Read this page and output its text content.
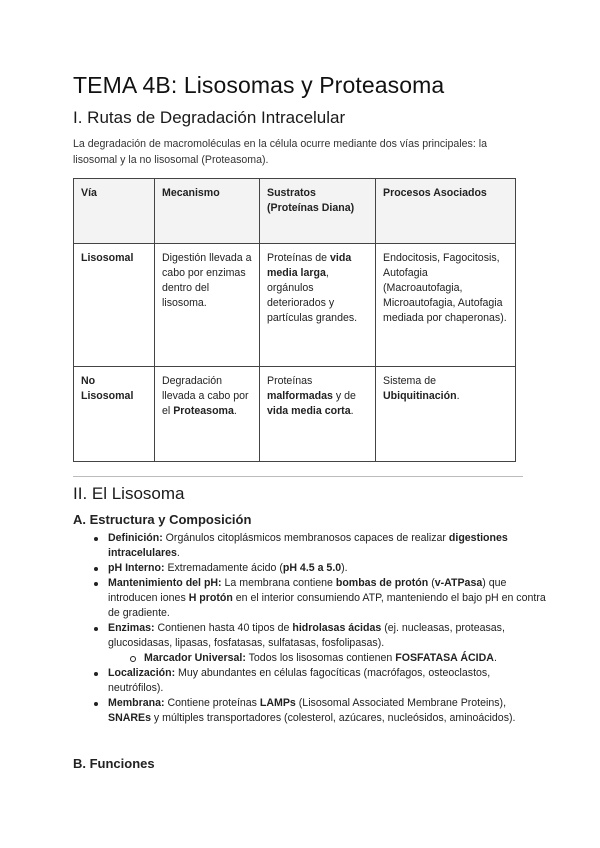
TEMA 4B: Lisosomas y Proteasoma
I. Rutas de Degradación Intracelular

La degradación de macromoléculas en la célula ocurre mediante dos vías principales: la lisosomal y la no lisosomal (Proteasoma).

Vía	Mecanismo	Sustratos (Proteínas Diana)	Procesos Asociados
Lisosomal	Digestión llevada a cabo por enzimas dentro del lisosoma.	Proteínas de vida media larga, orgánulos deteriorados y partículas grandes.	Endocitosis, Fagocitosis, Autofagia (Macroautofagia, Microautofagia, Autofagia mediada por chaperonas).
No Lisosomal	Degradación llevada a cabo por el Proteasoma.	Proteínas malformadas y de vida media corta.	Sistema de Ubiquitinación.
II. El Lisosoma
A. Estructura y Composición
Definición: Orgánulos citoplásmicos membranosos capaces de realizar digestiones intracelulares.
pH Interno: Extremadamente ácido (pH 4.5 a 5.0).
Mantenimiento del pH: La membrana contiene bombas de protón (v-ATPasa) que introducen iones H protón en el interior consumiendo ATP, manteniendo el bajo pH en contra de gradiente.
Enzimas: Contienen hasta 40 tipos de hidrolasas ácidas (ej. nucleasas, proteasas, glucosidasas, lipasas, fosfatasas, sulfatasas, fosfolipasas).
Marcador Universal: Todos los lisosomas contienen FOSFATASA ÁCIDA.
Localización: Muy abundantes en células fagocíticas (macrófagos, osteoclastos, neutrófilos).
Membrana: Contiene proteínas LAMPs (Lisosomal Associated Membrane Proteins), SNAREs y múltiples transportadores (colesterol, azúcares, nucleósidos, aminoácidos).
B. Funciones
